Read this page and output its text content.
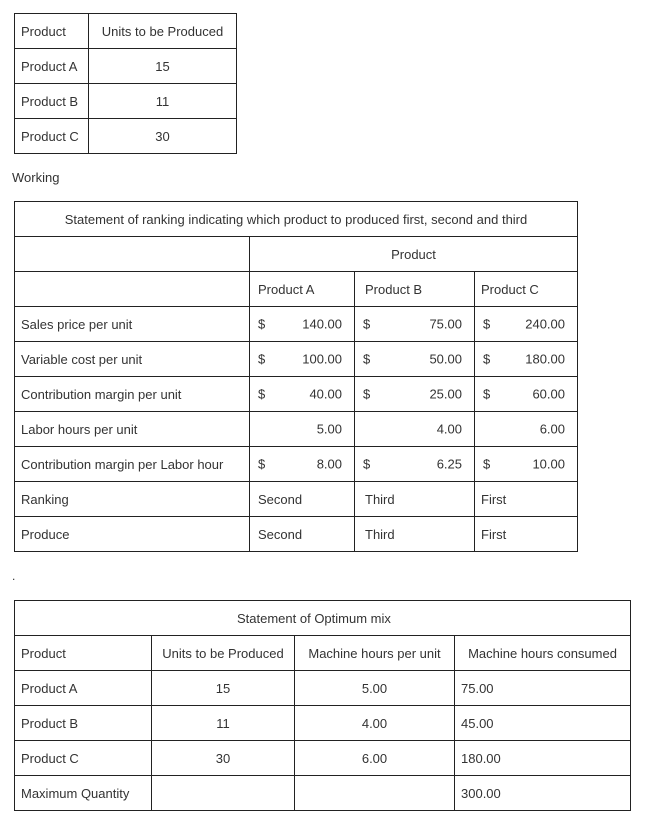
Product	Units to be Produced
Product A	15
Product B	11
Product C	30
Working
Statement of ranking indicating which product to produced first, second and third			
	Product		
	Product A	Product B	Product C
Sales price per unit	$ 140.00	$ 75.00	$ 240.00

Variable cost per unit	$ 100.00	$ 50.00	$ 180.00

Contribution margin per unit	$ 40.00	$ 25.00	$ 60.00

Labor hours per unit	5.00	4.00	6.00

Contribution margin per Labor hour	$ 8.00	$ 6.25	$ 10.00

Ranking	Second	Third	First
Produce	Second	Third	First
.
Statement of Optimum mix			
Product	Units to be Produced	Machine hours per unit	Machine hours consumed
Product A	15	5.00	75.00
Product B	11	4.00	45.00
Product C	30	6.00	180.00
Maximum Quantity			300.00
